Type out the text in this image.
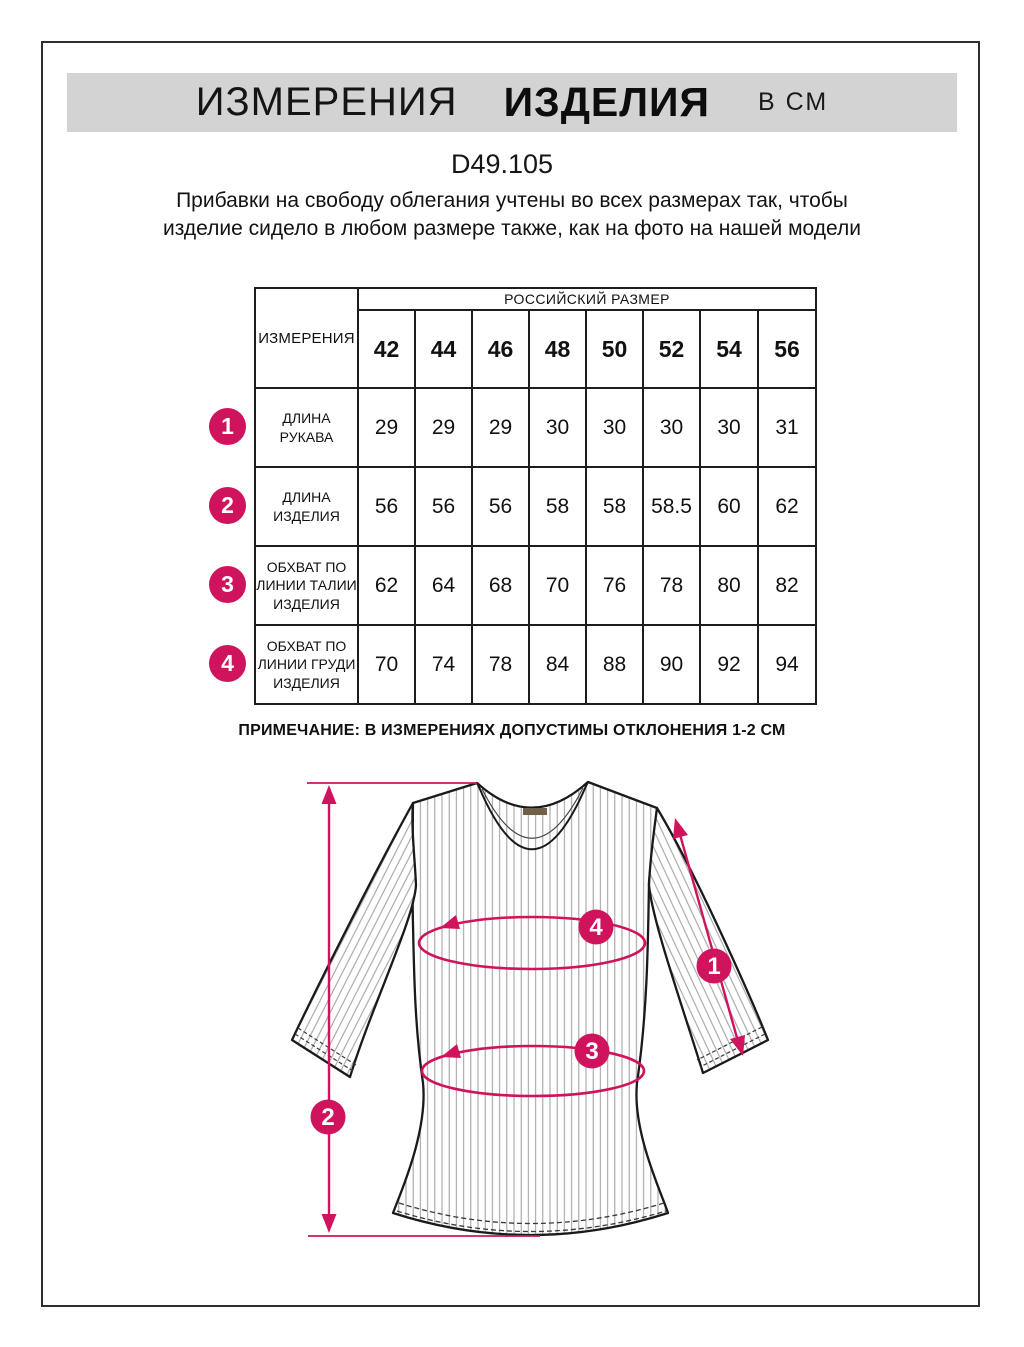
ИЗМЕРЕНИЯ ИЗДЕЛИЯ В СМ
D49.105
Прибавки на свободу облегания учтены во всех размерах так, чтобы изделие сидело в любом размере также, как на фото на нашей модели
ИЗМЕРЕНИЯ	РОССИЙСКИЙ РАЗМЕР							
	42	44	46	48	50	52	54	56
ДЛИНА РУКАВА	29	29	29	30	30	30	30	31
ДЛИНА ИЗДЕЛИЯ	56	56	56	58	58	58.5	60	62
ОБХВАТ ПО ЛИНИИ ТАЛИИ ИЗДЕЛИЯ	62	64	68	70	76	78	80	82
ОБХВАТ ПО ЛИНИИ ГРУДИ ИЗДЕЛИЯ	70	74	78	84	88	90	92	94
1
2
3
4
ПРИМЕЧАНИЕ: В ИЗМЕРЕНИЯХ ДОПУСТИМЫ ОТКЛОНЕНИЯ 1-2 СМ
1
2
3
4
